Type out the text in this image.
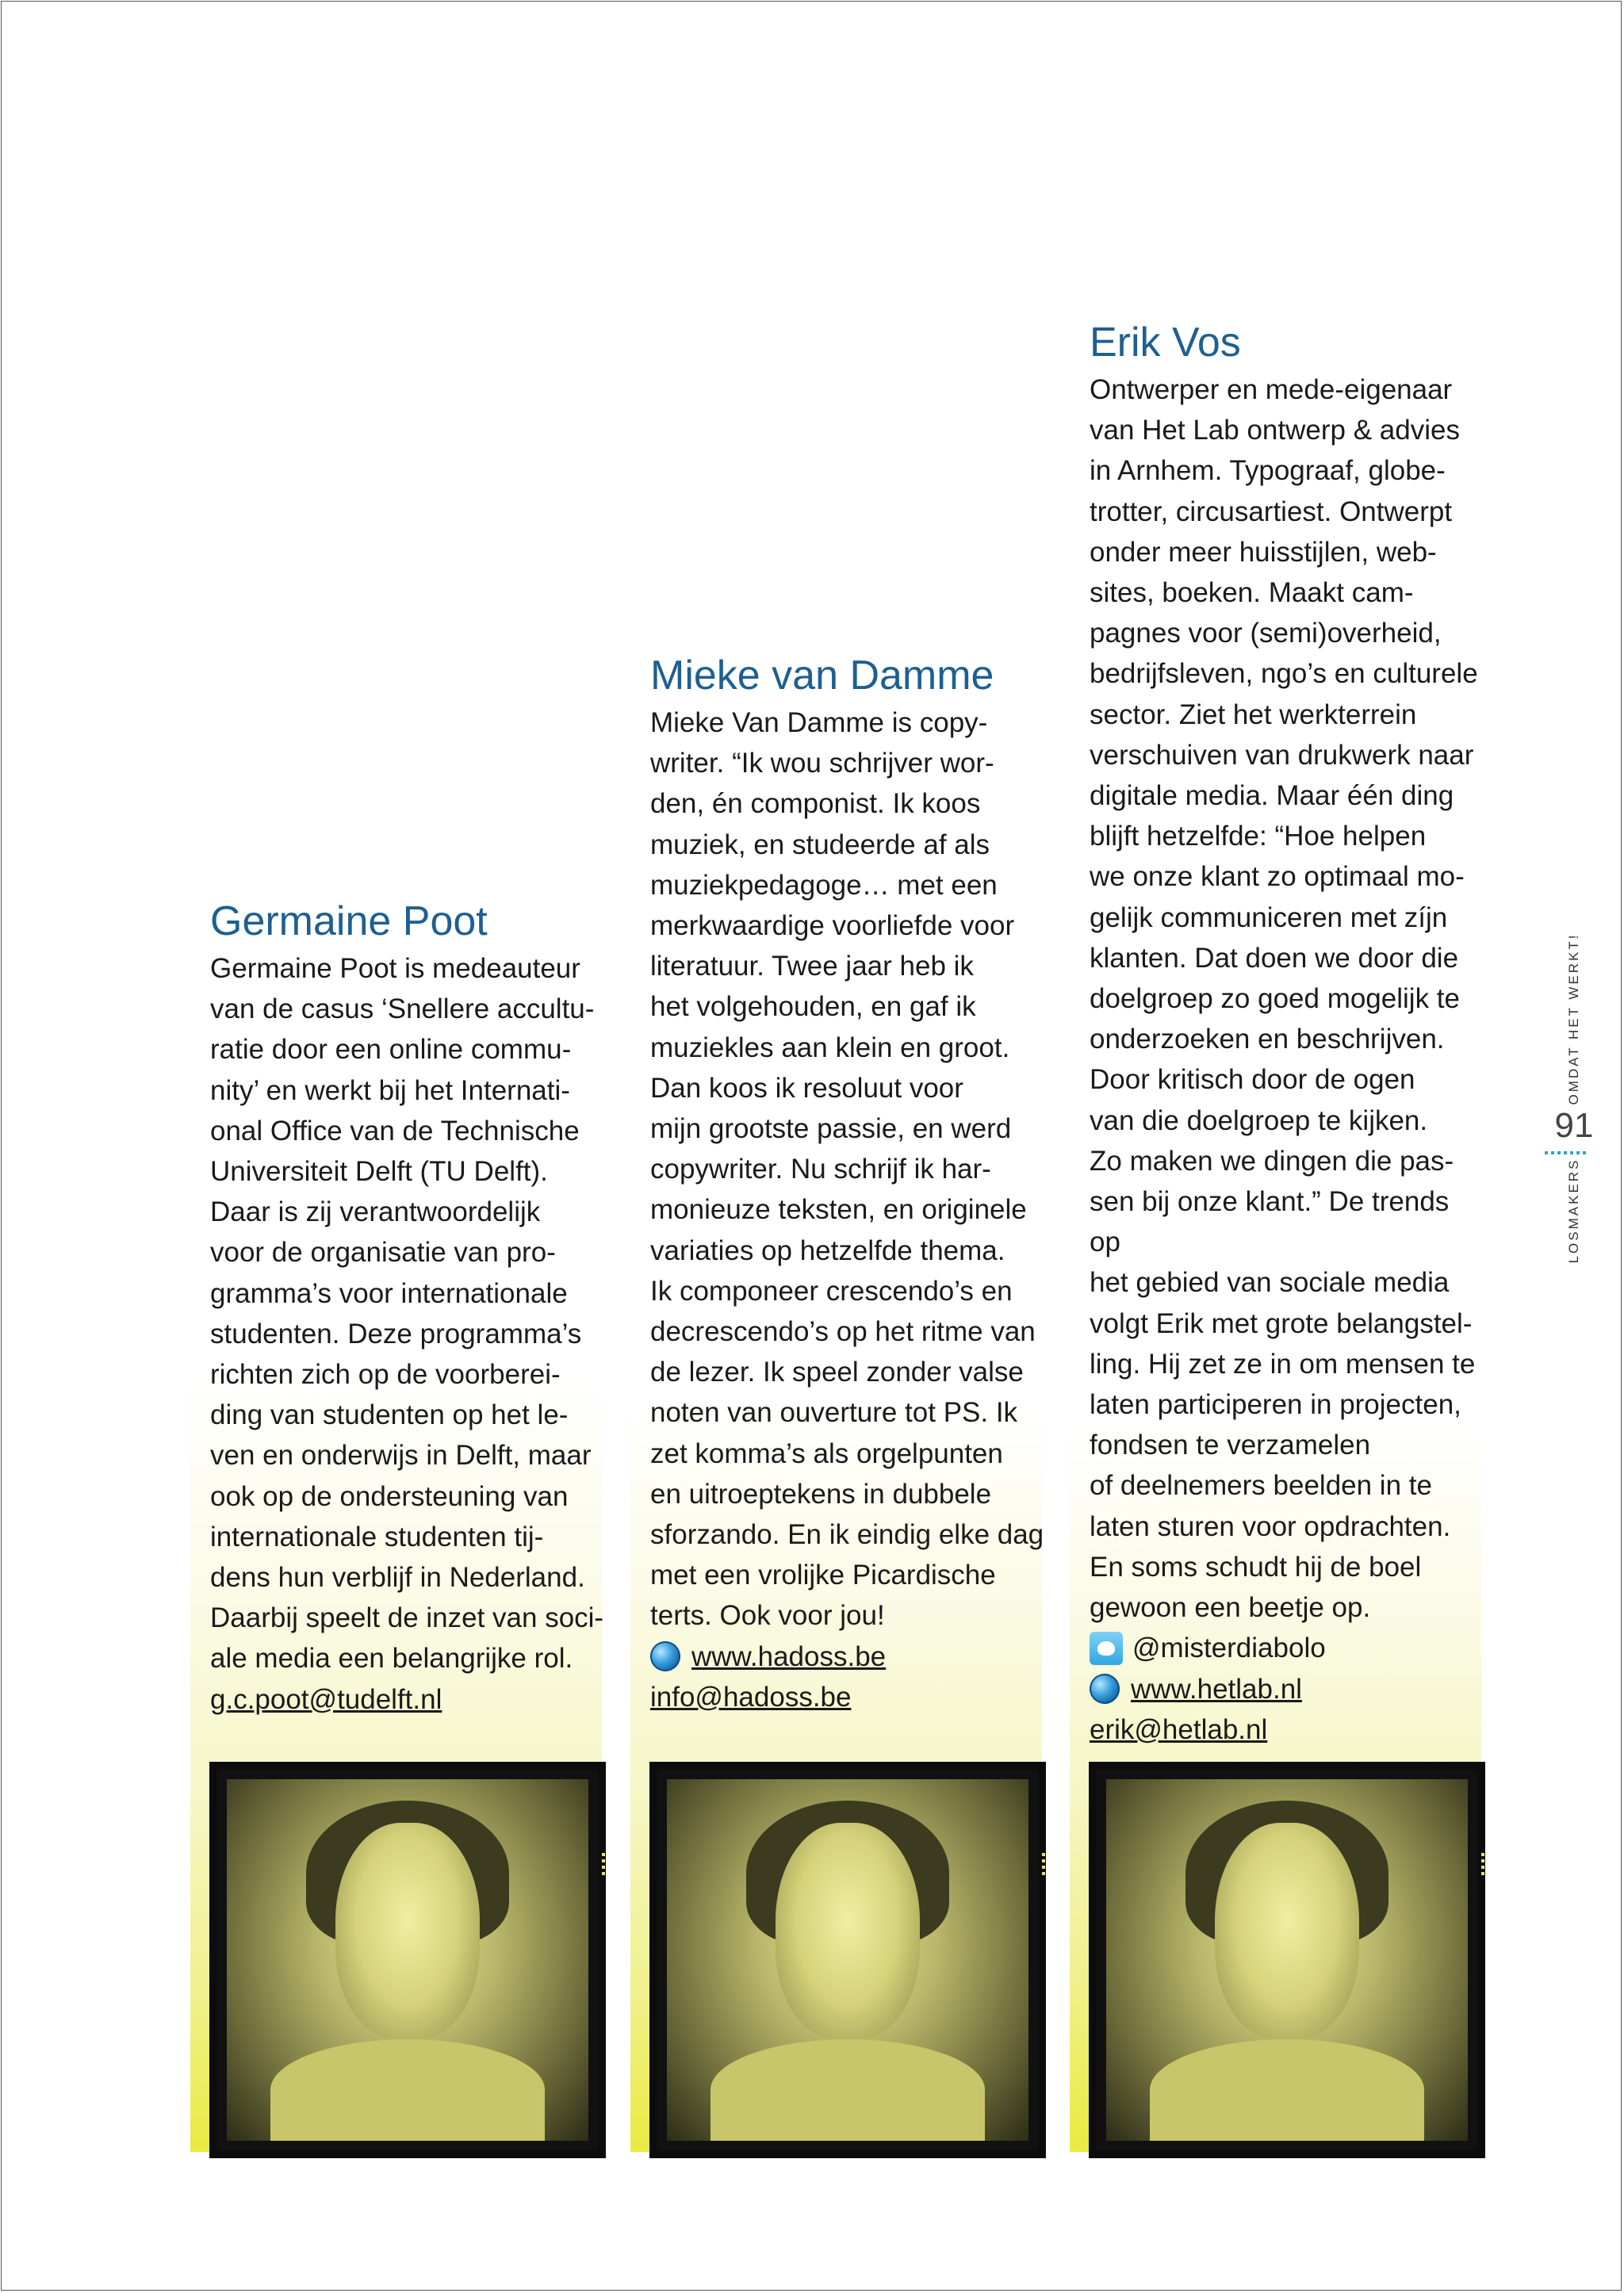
Germaine Poot

Germaine Poot is medeauteur
van de casus ‘Snellere accultu-
ratie door een online commu-
nity’ en werkt bij het Internati-
onal Office van de Technische
Universiteit Delft (TU Delft).
Daar is zij verantwoordelijk
voor de organisatie van pro-
gramma’s voor internationale
studenten. Deze programma’s
richten zich op de voorberei-
ding van studenten op het le-
ven en onderwijs in Delft, maar
ook op de ondersteuning van
internationale studenten tij-
dens hun verblijf in Nederland.
Daarbij speelt de inzet van soci-
ale media een belangrijke rol.

g.c.poot@tudelft.nl
Mieke van Damme

Mieke Van Damme is copy-
writer. “Ik wou schrijver wor-
den, én componist. Ik koos
muziek, en studeerde af als
muziekpedagoge… met een
merkwaardige voorliefde voor
literatuur. Twee jaar heb ik
het volgehouden, en gaf ik
muziekles aan klein en groot.
Dan koos ik resoluut voor
mijn grootste passie, en werd
copywriter. Nu schrijf ik har-
monieuze teksten, en originele
variaties op hetzelfde thema.
Ik componeer crescendo’s en
decrescendo’s op het ritme van
de lezer. Ik speel zonder valse
noten van ouverture tot PS. Ik
zet komma’s als orgelpunten
en uitroeptekens in dubbele
sforzando. En ik eindig elke dag
met een vrolijke Picardische
terts. Ook voor jou!

www.hadoss.be
info@hadoss.be
Erik Vos

Ontwerper en mede-eigenaar
van Het Lab ontwerp & advies
in Arnhem. Typograaf, globe-
trotter, circusartiest. Ontwerpt
onder meer huisstijlen, web-
sites, boeken. Maakt cam-
pagnes voor (semi)overheid,
bedrijfsleven, ngo’s en culturele
sector. Ziet het werkterrein
verschuiven van drukwerk naar
digitale media. Maar één ding
blijft hetzelfde: “Hoe helpen
we onze klant zo optimaal mo-
gelijk communiceren met zíjn
klanten. Dat doen we door die
doelgroep zo goed mogelijk te
onderzoeken en beschrijven.
Door kritisch door de ogen
van die doelgroep te kijken.
Zo maken we dingen die pas-
sen bij onze klant.” De trends op
het gebied van sociale media
volgt Erik met grote belangstel-
ling. Hij zet ze in om mensen te
laten participeren in projecten,
fondsen te verzamelen
of deelnemers beelden in te
laten sturen voor opdrachten.
En soms schudt hij de boel
gewoon een beetje op.

@misterdiabolo
www.hetlab.nl
erik@hetlab.nl
OMDAT HET WERKT!
91
LOSMAKERS
